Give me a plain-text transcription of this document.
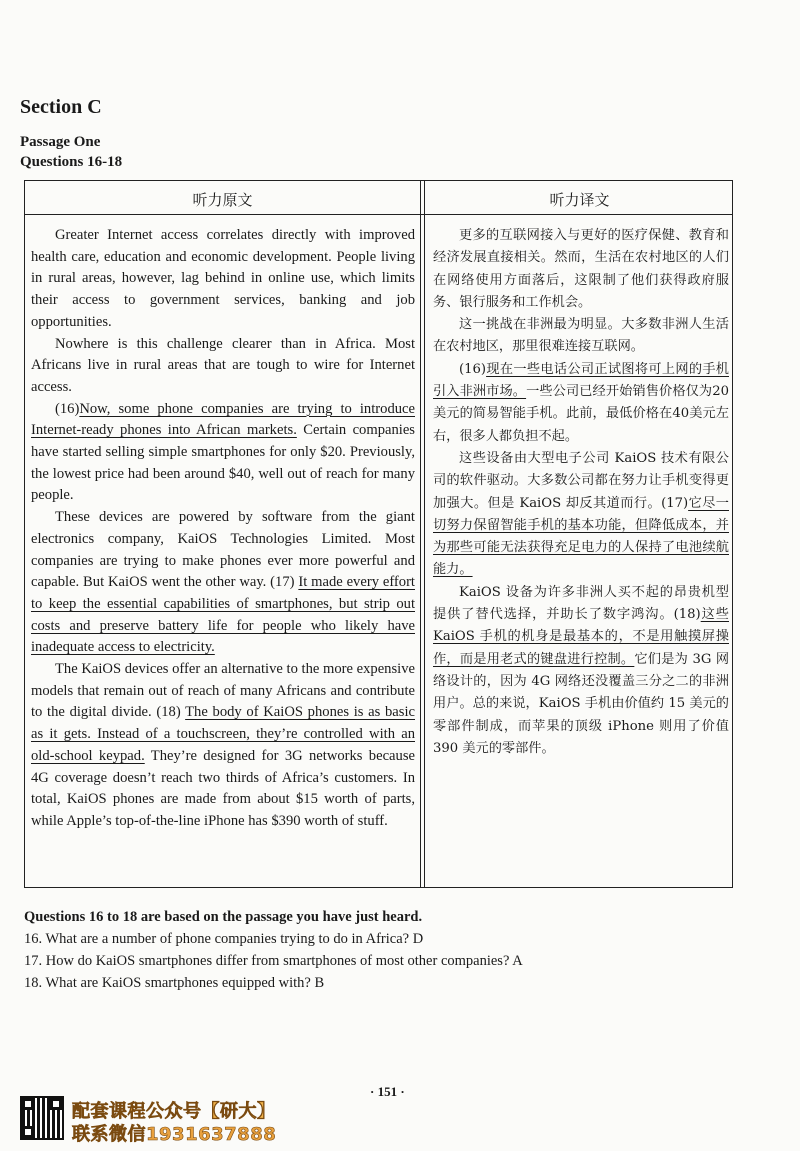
Section C
Passage One
Questions 16-18
听力原文	听力译文

Greater Internet access correlates directly with improved health care, education and economic development. People living in rural areas, however, lag behind in online use, which limits their access to government services, banking and job opportunities.

Nowhere is this challenge clearer than in Africa. Most Africans live in rural areas that are tough to wire for Internet access.

(16)Now, some phone companies are trying to introduce Internet-ready phones into African markets. Certain companies have started selling simple smartphones for only $20. Previously, the lowest price had been around $40, well out of reach for many people.

These devices are powered by software from the giant electronics company, KaiOS Technologies Limited. Most companies are trying to make phones ever more powerful and capable. But KaiOS went the other way. (17) It made every effort to keep the essential capabilities of smartphones, but strip out costs and preserve battery life for people who likely have inadequate access to electricity.

The KaiOS devices offer an alternative to the more expensive models that remain out of reach of many Africans and contribute to the digital divide. (18) The body of KaiOS phones is as basic as it gets. Instead of a touchscreen, they’re controlled with an old-school keypad. They’re designed for 3G networks because 4G coverage doesn’t reach two thirds of Africa’s customers. In total, KaiOS phones are made from about $15 worth of parts, while Apple’s top-of-the-line iPhone has $390 worth of stuff.

更多的互联网接入与更好的医疗保健、教育和经济发展直接相关。然而，生活在农村地区的人们在网络使用方面落后，这限制了他们获得政府服务、银行服务和工作机会。

这一挑战在非洲最为明显。大多数非洲人生活在农村地区，那里很难连接互联网。

(16)现在一些电话公司正试图将可上网的手机引入非洲市场。一些公司已经开始销售价格仅为20美元的简易智能手机。此前，最低价格在40美元左右，很多人都负担不起。

这些设备由大型电子公司 KaiOS 技术有限公司的软件驱动。大多数公司都在努力让手机变得更加强大。但是 KaiOS 却反其道而行。(17)它尽一切努力保留智能手机的基本功能，但降低成本，并为那些可能无法获得充足电力的人保持了电池续航能力。

KaiOS 设备为许多非洲人买不起的昂贵机型提供了替代选择，并助长了数字鸿沟。(18)这些 KaiOS 手机的机身是最基本的，不是用触摸屏操作，而是用老式的键盘进行控制。它们是为 3G 网络设计的，因为 4G 网络还没覆盖三分之二的非洲用户。总的来说，KaiOS 手机由价值约 15 美元的零部件制成，而苹果的顶级 iPhone 则用了价值 390 美元的零部件。

Questions 16 to 18 are based on the passage you have just heard.
16. What are a number of phone companies trying to do in Africa? D
17. How do KaiOS smartphones differ from smartphones of most other companies? A
18. What are KaiOS smartphones equipped with? B
· 151 ·
配套课程公众号【研大】
联系微信1931637888
